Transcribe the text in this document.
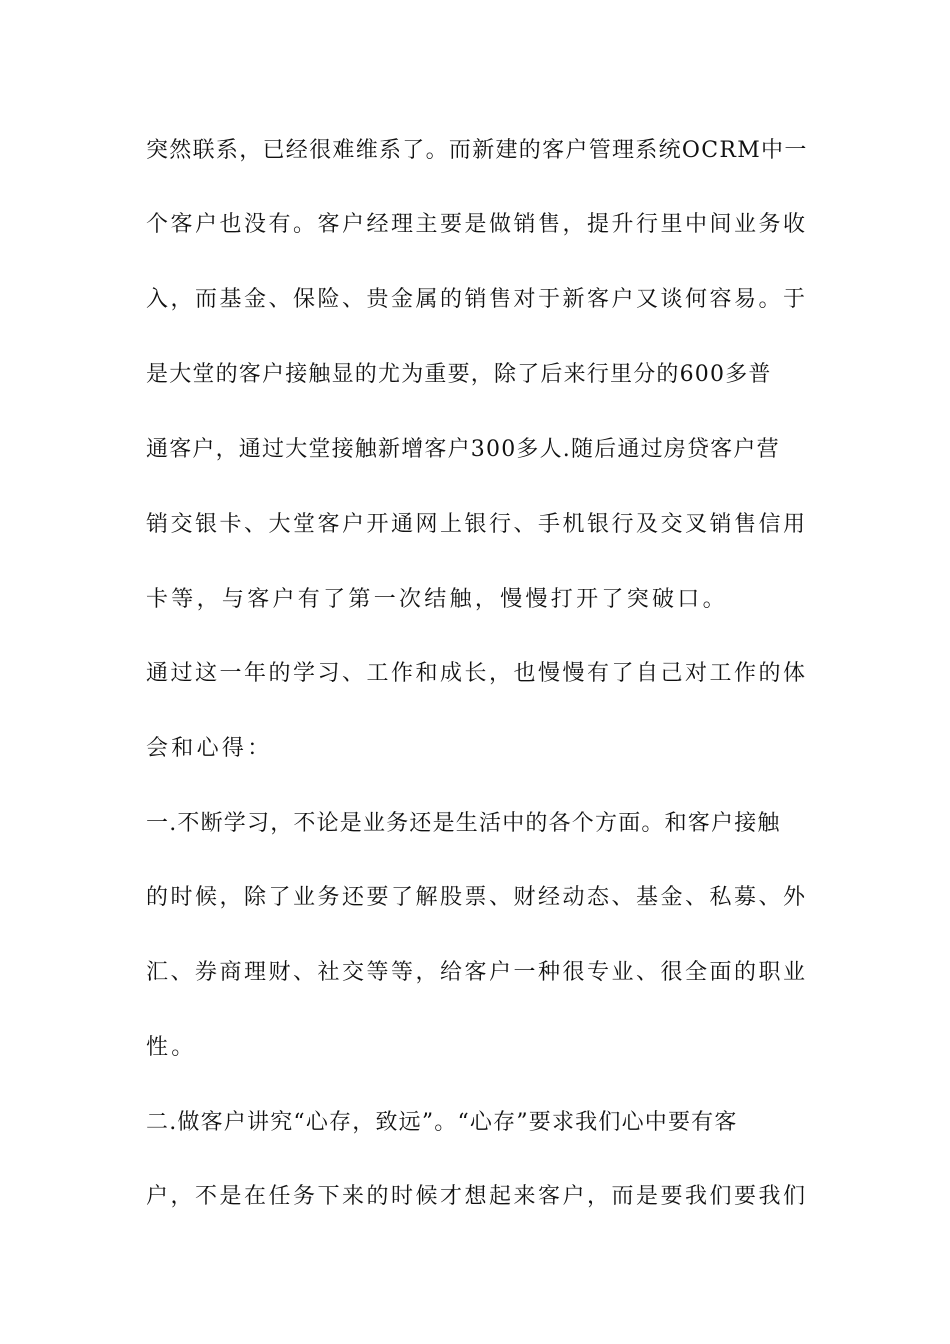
突然联系，已经很难维系了。而新建的客户管理系统OCRM中一
个客户也没有。客户经理主要是做销售，提升行里中间业务收
入，而基金、保险、贵金属的销售对于新客户又谈何容易。于
是大堂的客户接触显的尤为重要，除了后来行里分的600多普
通客户，通过大堂接触新增客户300多人.随后通过房贷客户营
销交银卡、大堂客户开通网上银行、手机银行及交叉销售信用
卡等，与客户有了第一次结触，慢慢打开了突破口。
通过这一年的学习、工作和成长，也慢慢有了自己对工作的体
会和心得：
一.不断学习，不论是业务还是生活中的各个方面。和客户接触
的时候，除了业务还要了解股票、财经动态、基金、私募、外
汇、券商理财、社交等等，给客户一种很专业、很全面的职业
性。
二.做客户讲究“心存，致远”。“心存”要求我们心中要有客
户，不是在任务下来的时候才想起来客户，而是要我们要我们
